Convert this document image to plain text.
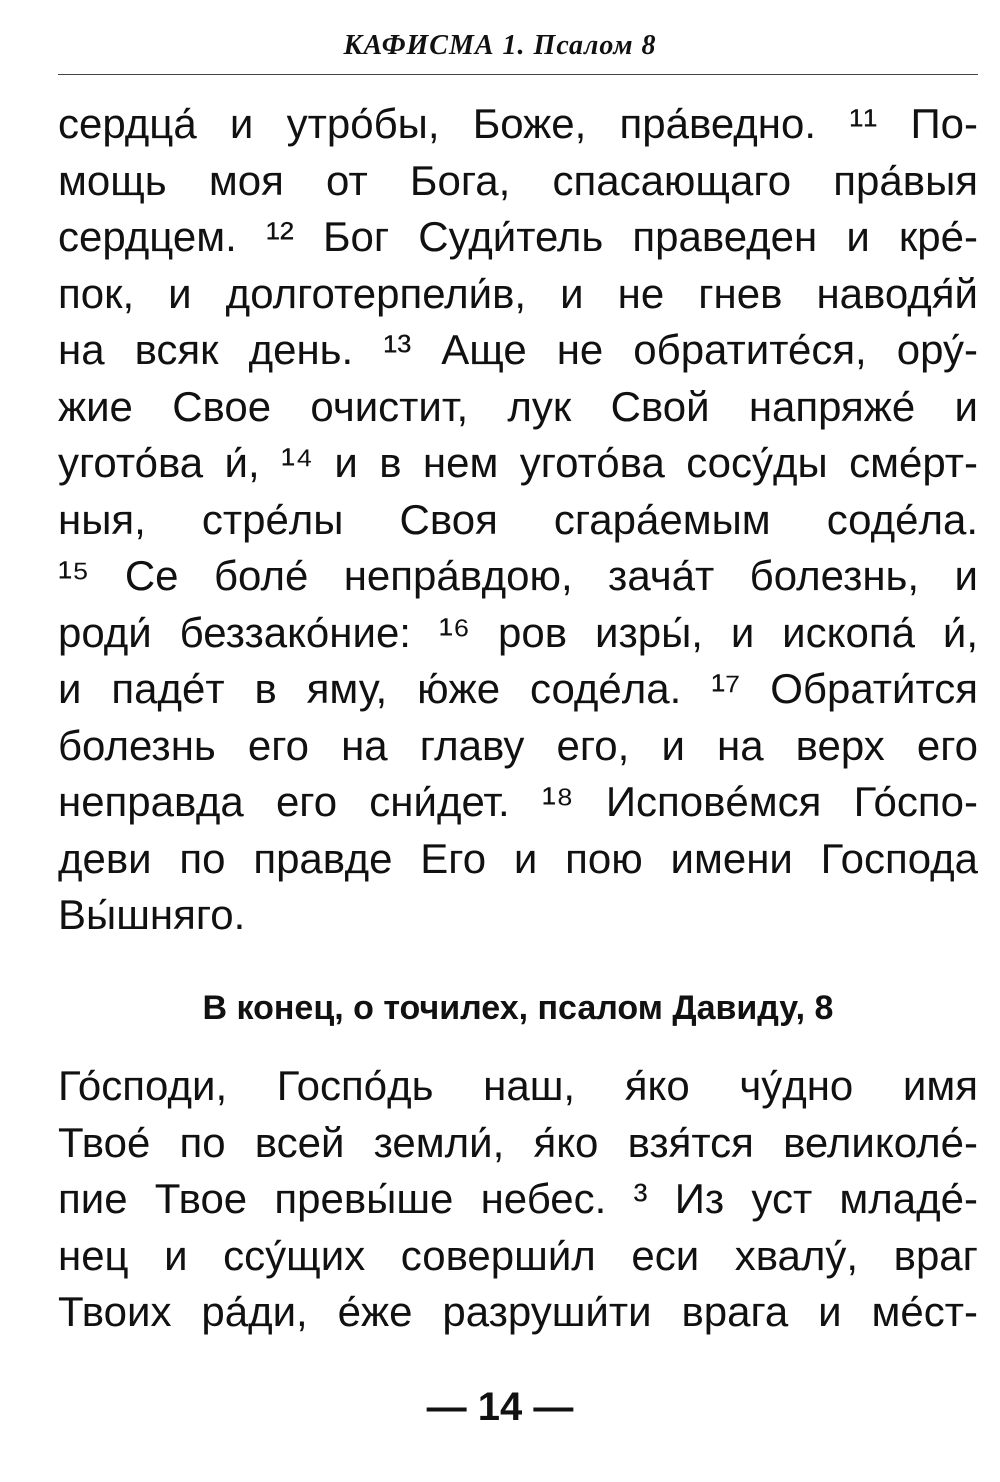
КАФИСМА 1. Псалом 8
сердца́ и утро́бы, Боже, пра́ведно. ¹¹ По-
мощь моя от Бога, спасающаго пра́выя
сердцем. ¹² Бог Суди́тель праведен и кре́-
пок, и долготерпели́в, и не гнев наводя́й
на всяк день. ¹³ Аще не обратите́ся, ору́-
жие Свое очистит, лук Свой напряже́ и
угото́ва и́, ¹⁴ и в нем угото́ва сосу́ды сме́рт-
ныя, стре́лы Своя сгара́емым соде́ла.
¹⁵ Се боле́ непра́вдою, зача́т болезнь, и
роди́ беззако́ние: ¹⁶ ров изры́, и ископа́ и́,
и паде́т в яму, ю́же соде́ла. ¹⁷ Обрати́тся
болезнь его на главу его, и на верх его
неправда его сни́дет. ¹⁸ Исповéмся Го́спо-
деви по правде Его и пою имени Господа
Вы́шняго.
В конец, о точилех, псалом Давиду, 8
Го́споди, Госпо́дь наш, я́ко чу́дно имя
Твое́ по всей земли́, я́ко взя́тся великоле́-
пие Твое превы́ше небес. ³ Из уст младе́-
нец и ссу́щих соверши́л еси хвалу́, враг
Твоих ра́ди, е́же разруши́ти врага и ме́ст-
— 14 —
